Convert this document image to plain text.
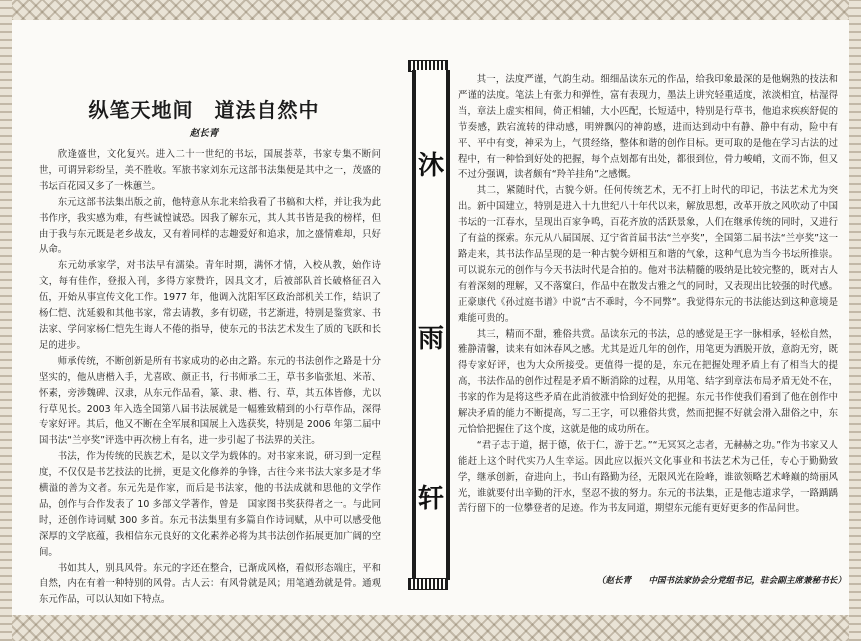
沐
雨
轩
纵笔天地间　道法自然中
赵长青

欣逢盛世，文化复兴。进入二十一世纪的书坛，国展荟萃，书家专集不断问世，可谓异彩纷呈，美不胜收。军旅书家刘东元这部书法集便是其中之一，茂盛的书坛百花园又多了一株蕙兰。

东元这部书法集出版之前，他特意从东北来给我看了书稿和大样，并让我为此书作序，我实感为难，有些诚惶诚恐。因我了解东元，其人其书皆是我的榜样，但由于我与东元既是老乡战友，又有着同样的志趣爱好和追求，加之盛情难却，只好从命。

东元幼承家学，对书法早有濡染。青年时期，满怀才情，入校从教，始作诗文，每有佳作，登报入刊，多得方家赞许，因具文才，后被部队首长破格征召入伍，开始从事宣传文化工作。1977 年，他调入沈阳军区政治部机关工作，结识了杨仁恺、沈延毅和其他书家，常去请教，多有切磋，书艺渐进，特别是鉴赏家、书法家、学问家杨仁恺先生诲人不倦的指导，使东元的书法艺术发生了质的飞跃和长足的进步。

师承传统，不断创新是所有书家成功的必由之路。东元的书法创作之路是十分坚实的，他从唐楷入手，尤喜欧、颜正书，行书师承二王，草书多临张旭、米芾、怀素，旁涉魏碑、汉隶，从东元作品看，篆、隶、楷、行、草，其五体皆修，尤以行草见长。2003 年入选全国第八届书法展就是一幅雅致精到的小行草作品，深得专家好评。其后，他又不断在全军展和国展上入选获奖，特别是 2006 年第二届中国书法“兰亭奖”评选中再次榜上有名，进一步引起了书法界的关注。

书法，作为传统的民族艺术，是以文学为载体的。对书家来说，研习到一定程度，不仅仅是书艺技法的比拼，更是文化修养的争锋，古往今来书法大家多是才华横溢的善为文者。东元先是作家，而后是书法家，他的书法成就和思他的文学作品，创作与合作发表了 10 多部文学著作，曾是　国家图书奖获得者之一。与此同时，还创作诗词赋 300 多首。东元书法集里有多篇自作诗词赋，从中可以感受他深厚的文学底蕴，我相信东元良好的文化素养必将为其书法创作拓展更加广阔的空间。

书如其人，别具风骨。东元的字还在整合，已渐成风格，看似形态端庄，平和自然，内在有着一种特别的风骨。古人云：有风骨就是风；用笔遒劲就是骨。通观东元作品，可以认知如下特点。

其一，法度严谨，气韵生动。细细品读东元的作品，给我印象最深的是他娴熟的技法和严谨的法度。笔法上有张力和弹性，富有表现力，墨法上讲究轻重适度，浓淡相宜，枯湿得当，章法上虚实相间，倚正相辅，大小匹配，长短适中，特别是行草书，他追求疾疾舒促的节奏感，跌宕流转的律动感，明辨飘闪的神韵感，进而达到动中有静、静中有动，险中有平、平中有变，神采为上，气贯经络，整体和谐的创作目标。更可取的是他在学习古法的过程中，有一种恰到好处的把握，每个点划都有出处，都很到位，骨力峻峭，文而不饰，但又不过分强调，读者颇有“羚羊挂角”之感慨。

其二，紧随时代，古貌今妍。任何传统艺术，无不打上时代的印记，书法艺术尤为突出。新中国建立，特别是进入十九世纪八十年代以来，解放思想，改革开放之风吹动了中国书坛的一江春水，呈现出百家争鸣，百花齐放的活跃景象，人们在继承传统的同时，又进行了有益的探索。东元从八届国展、辽宁省首届书法“兰亭奖”，全国第二届书法“兰亭奖”这一路走来，其书法作品呈现的是一种古貌今妍相互和谐的气象，这种气息为当今书坛所推崇。可以说东元的创作与今天书法时代是合拍的。他对书法精髓的吸纳是比较完整的，既对古人有着深刻的理解，又不落窠臼，作品中在散发古雅之气的同时，又表现出比较强的时代感。正豪康代《孙过庭书谱》中说“古不乖时，今不同弊”。我觉得东元的书法能达到这种意境是难能可贵的。

其三，精而不甜，雅俗共赏。品读东元的书法，总的感觉是王字一脉相承，轻松自然，雅静清馨，读来有如沐春风之感。尤其是近几年的创作，用笔更为洒脱开放，意韵无穷，既得专家好评，也为大众所接受。更值得一提的是，东元在把握处理矛盾上有了相当大的提高，书法作品的创作过程是矛盾不断消除的过程，从用笔、结字到章法布局矛盾无处不在，书家的作为是将这些矛盾在此消彼涨中恰到好处的把握。东元书作使我们看到了他在创作中解决矛盾的能力不断提高，写二王字，可以雅俗共赏，然而把握不好就会滑入甜俗之中，东元恰恰把握住了这个度，这就是他的成功所在。

“君子志于道，据于德，依于仁，游于艺。”“无冥冥之志者，无赫赫之功。”作为书家又人能赶上这个时代实乃人生幸运。因此应以振兴文化事业和书法艺术为己任，专心于勤勤致学，继承创新，奋进向上，书山有路勤为径，无限风光在险峰，谁欲领略艺术峰巅的绮丽风光，谁就要付出辛勤的汗水，坚忍不拔的努力。东元的书法集，正是他志道求学，一路踽踽苦行留下的一位攀登者的足迹。作为书友同道，期望东元能有更好更多的作品问世。

（赵长青　　中国书法家协会分党组书记，驻会副主席兼秘书长）
